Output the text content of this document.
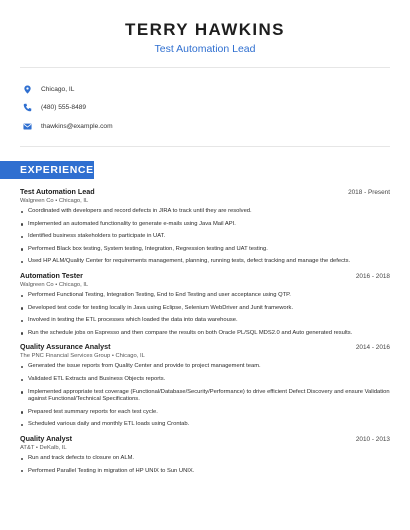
TERRY HAWKINS
Test Automation Lead
Chicago, IL
(480) 555-8489
thawkins@example.com
EXPERIENCE
Test Automation Lead	2018 - Present
Walgreen Co • Chicago, IL
Coordinated with developers and record defects in JIRA to track until they are resolved.
Implemented an automated functionality to generate e-mails using Java Mail API.
Identified business stakeholders to participate in UAT.
Performed Black box testing, System testing, Integration, Regression testing and UAT testing.
Used HP ALM/Quality Center for requirements management, planning, running tests, defect tracking and manage the defects.
Automation Tester	2016 - 2018
Walgreen Co • Chicago, IL
Performed Functional Testing, Integration Testing, End to End Testing and user acceptance using QTP.
Developed test code for testing locally in Java using Eclipse, Selenium WebDriver and Junit framework.
Involved in testing the ETL processes which loaded the data into data warehouse.
Run the schedule jobs on Espresso and then compare the results on both Oracle PL/SQL MDS2.0 and Auto generated results.
Quality Assurance Analyst	2014 - 2016
The PNC Financial Services Group • Chicago, IL
Generated the issue reports from Quality Center and provide to project management team.
Validated ETL Extracts and Business Objects reports.
Implemented appropriate test coverage (Functional/Database/Security/Performance) to drive efficient Defect Discovery and ensure Validation against Functional/Technical Specifications.
Prepared test summary reports for each test cycle.
Scheduled various daily and monthly ETL loads using Crontab.
Quality Analyst	2010 - 2013
AT&T • DeKalb, IL
Run and track defects to closure on ALM.
Performed Parallel Testing in migration of HP UNIX to Sun UNIX.
